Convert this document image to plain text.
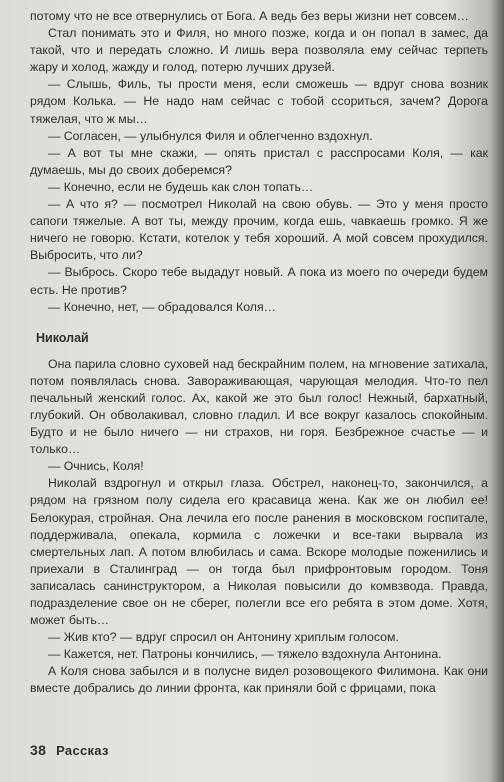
потому что не все отвернулись от Бога. А ведь без веры жизни нет совсем…

Стал понимать это и Филя, но много позже, когда и он попал в замес, да такой, что и передать сложно. И лишь вера позволяла ему сейчас терпеть жару и холод, жажду и голод, потерю лучших друзей.

— Слышь, Филь, ты прости меня, если сможешь — вдруг снова возник рядом Колька. — Не надо нам сейчас с тобой ссориться, зачем? Дорога тяжелая, что ж мы…

— Согласен, — улыбнулся Филя и облегченно вздохнул.

— А вот ты мне скажи, — опять пристал с расспросами Коля, — как думаешь, мы до своих доберемся?

— Конечно, если не будешь как слон топать…

— А что я? — посмотрел Николай на свою обувь. — Это у меня просто сапоги тяжелые. А вот ты, между прочим, когда ешь, чавкаешь громко. Я же ничего не говорю. Кстати, котелок у тебя хороший. А мой совсем прохудился. Выбросить, что ли?

— Выбрось. Скоро тебе выдадут новый. А пока из моего по очереди будем есть. Не против?

— Конечно, нет, — обрадовался Коля…

Николай

Она парила словно суховей над бескрайним полем, на мгновение затихала, потом появлялась снова. Завораживающая, чарующая мелодия. Что-то пел печальный женский голос. Ах, какой же это был голос! Нежный, бархатный, глубокий. Он обволакивал, словно гладил. И все вокруг казалось спокойным. Будто и не было ничего — ни страхов, ни горя. Безбрежное счастье — и только…

— Очнись, Коля!

Николай вздрогнул и открыл глаза. Обстрел, наконец-то, закончился, а рядом на грязном полу сидела его красавица жена. Как же он любил ее! Белокурая, стройная. Она лечила его после ранения в московском госпитале, поддерживала, опекала, кормила с ложечки и все-таки вырвала из смертельных лап. А потом влюбилась и сама. Вскоре молодые поженились и приехали в Сталинград — он тогда был прифронтовым городом. Тоня записалась санинструктором, а Николая повысили до комвзвода. Правда, подразделение свое он не сберег, полегли все его ребята в этом доме. Хотя, может быть…

— Жив кто? — вдруг спросил он Антонину хриплым голосом.

— Кажется, нет. Патроны кончились, — тяжело вздохнула Антонина.

А Коля снова забылся и в полусне видел розовощекого Филимона. Как они вместе добрались до линии фронта, как приняли бой с фрицами, пока

38 Рассказ
